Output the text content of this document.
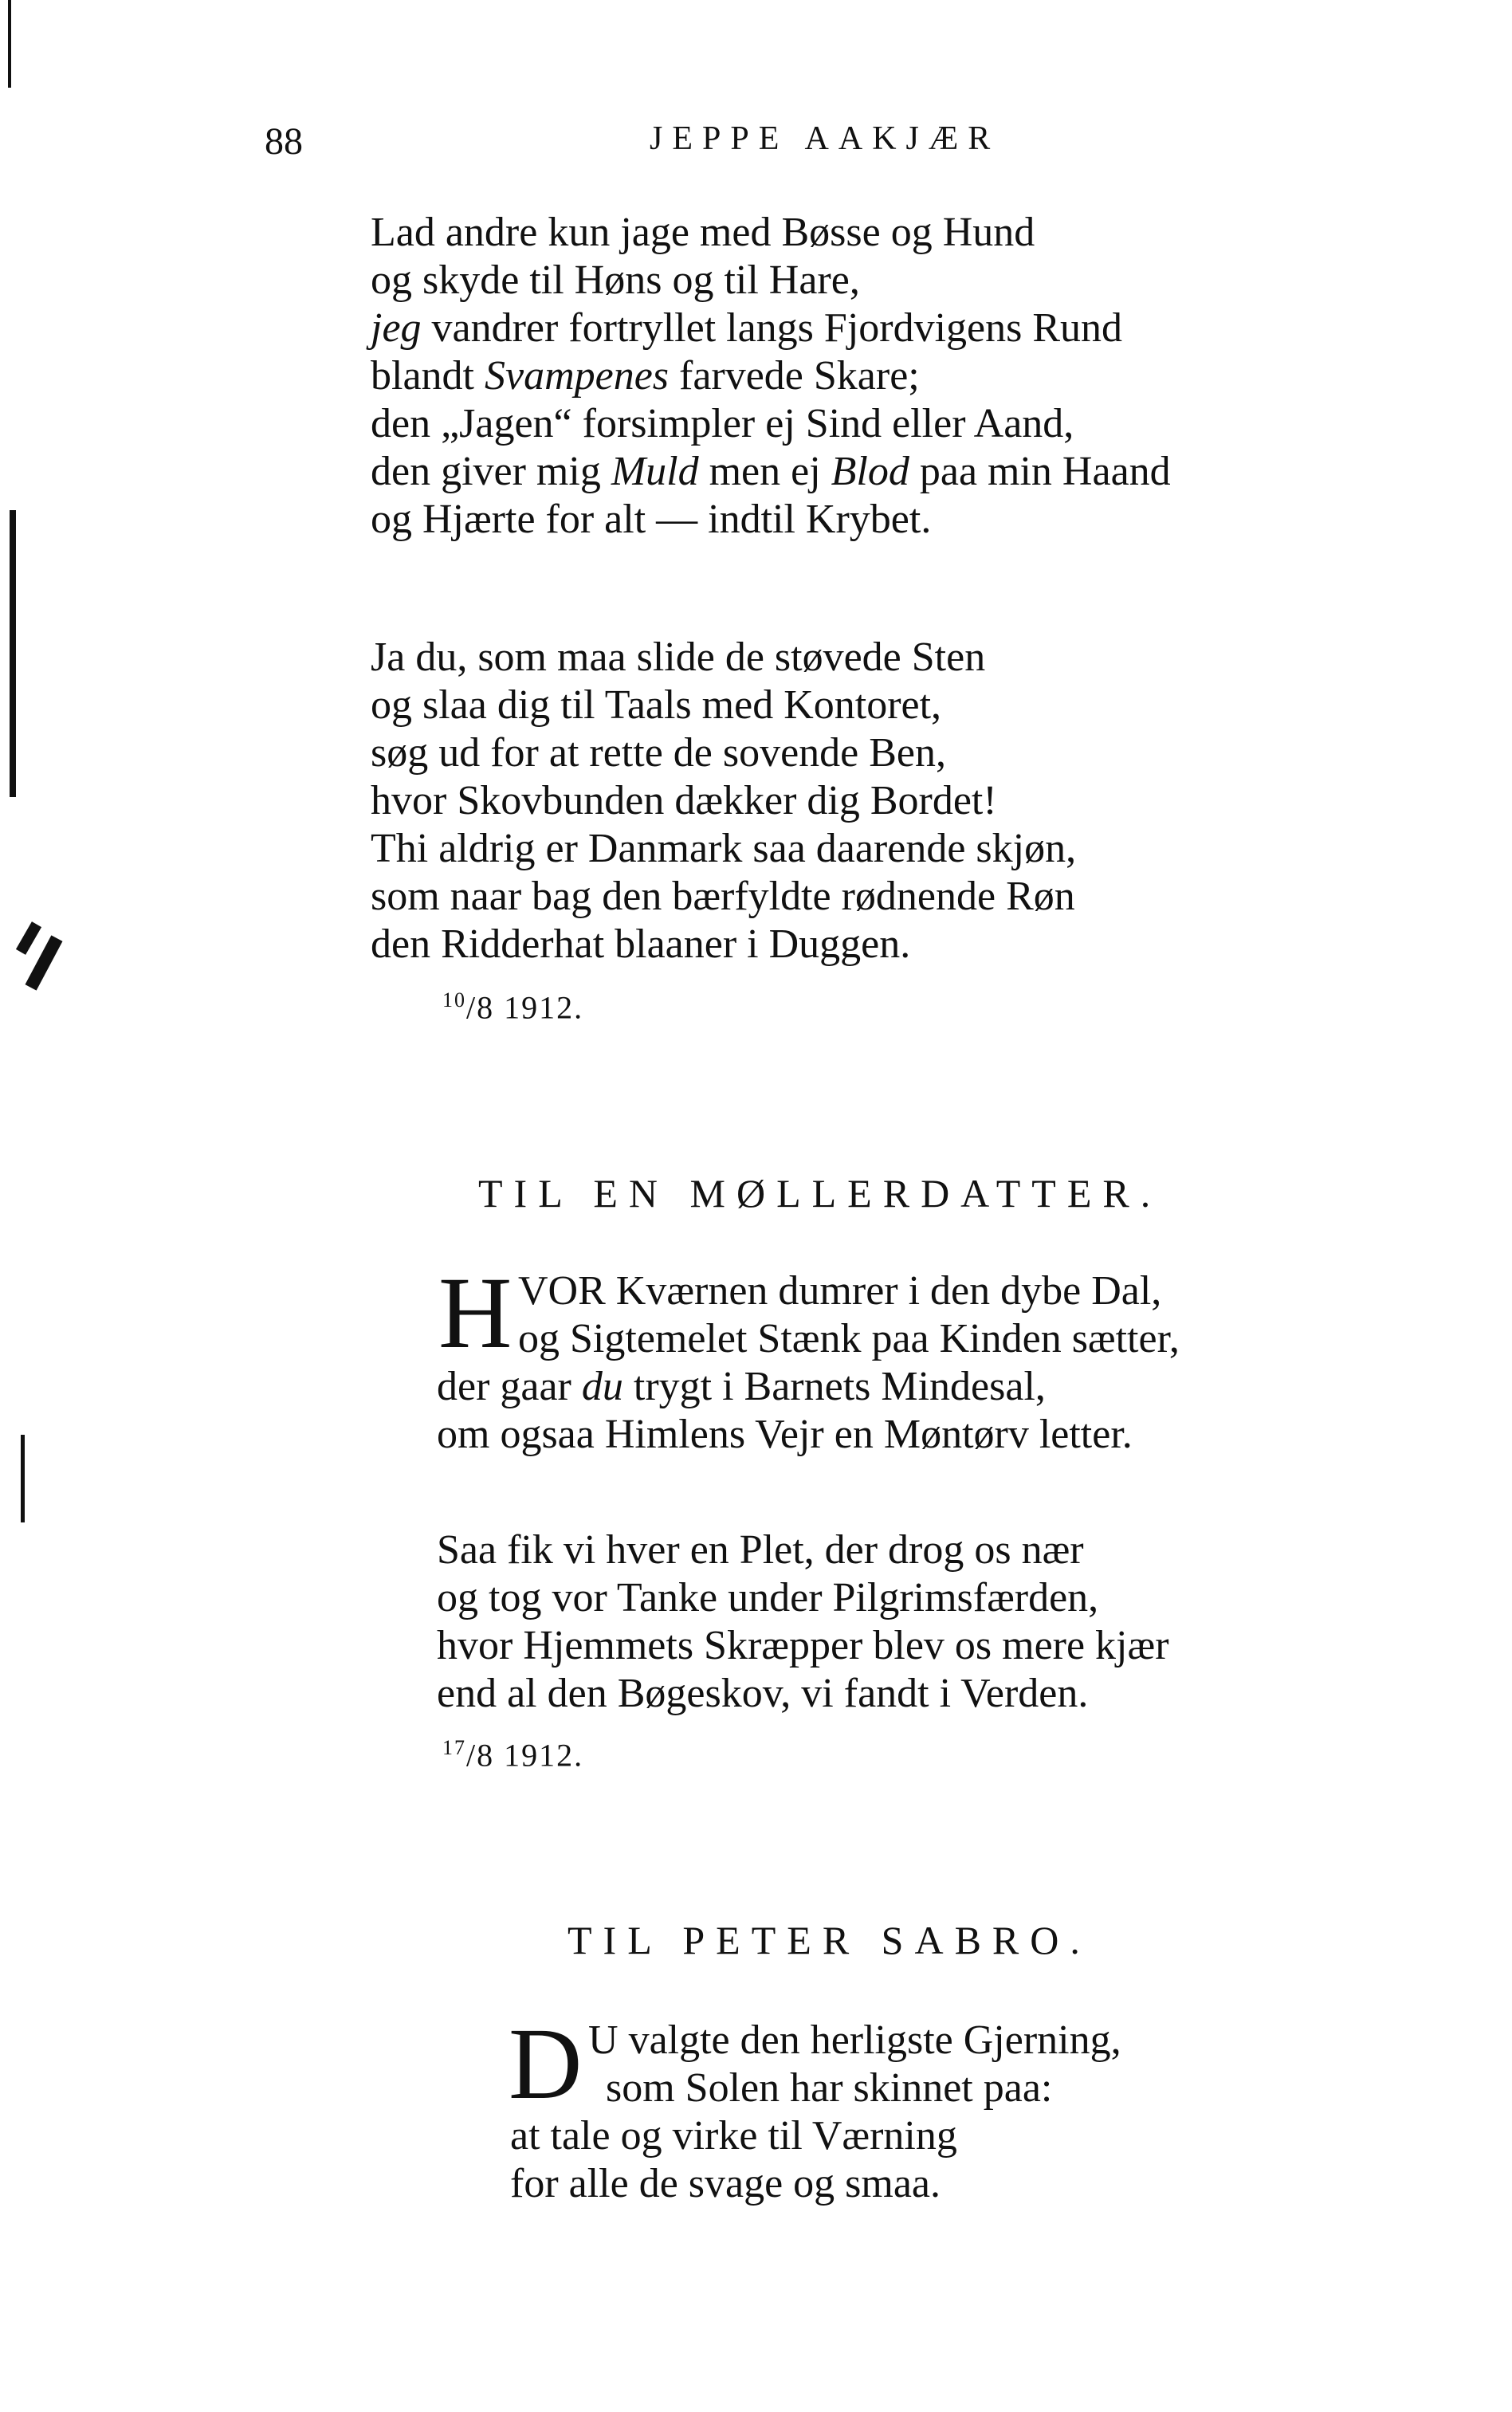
88	JEPPE AAKJÆR
Lad andre kun jage med Bøsse og Hund
og skyde til Høns og til Hare,
jeg vandrer fortryllet langs Fjordvigens Rund
blandt Svampenes farvede Skare;
den „Jagen“ forsimpler ej Sind eller Aand,
den giver mig Muld men ej Blod paa min Haand
og Hjærte for alt — indtil Krybet.
Ja du, som maa slide de støvede Sten
og slaa dig til Taals med Kontoret,
søg ud for at rette de sovende Ben,
hvor Skovbunden dækker dig Bordet!
Thi aldrig er Danmark saa daarende skjøn,
som naar bag den bærfyldte rødnende Røn
den Ridderhat blaaner i Duggen.
$^{10}$/8 1912.
TIL EN MØLLERDATTER.
H VOR Kværnen dumrer i den dybe Dal,
og Sigtemelet Stænk paa Kinden sætter,
der gaar du trygt i Barnets Mindesal,
om ogsaa Himlens Vejr en Møntørv letter.
Saa fik vi hver en Plet, der drog os nær
og tog vor Tanke under Pilgrimsfærden,
hvor Hjemmets Skræpper blev os mere kjær
end al den Bøgeskov, vi fandt i Verden.
$^{17}$/8 1912.
TIL PETER SABRO.
D U valgte den herligste Gjerning,
som Solen har skinnet paa:
at tale og virke til Værning
for alle de svage og smaa.
